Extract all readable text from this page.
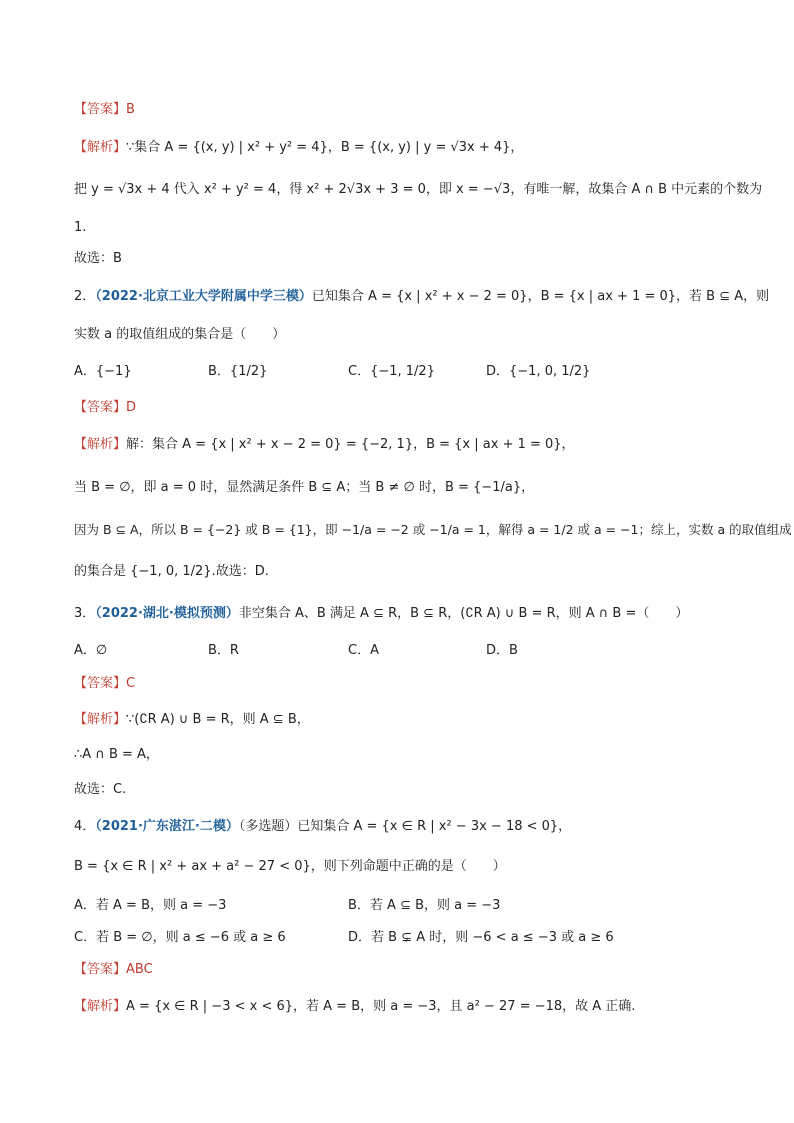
【答案】B
【解析】∵集合 A = {(x, y) | x² + y² = 4}，B = {(x, y) | y = √3x + 4}，
把 y = √3x + 4 代入 x² + y² = 4，得 x² + 2√3x + 3 = 0，即 x = −√3，有唯一解，故集合 A ∩ B 中元素的个数为
1.
故选：B
2．（2022·北京工业大学附属中学三模）已知集合 A = {x | x² + x − 2 = 0}，B = {x | ax + 1 = 0}，若 B ⊆ A，则
实数 a 的取值组成的集合是（　　）
A．{−1}	B．{1/2}	C．{−1, 1/2}	D．{−1, 0, 1/2}
【答案】D
【解析】解：集合 A = {x | x² + x − 2 = 0} = {−2, 1}，B = {x | ax + 1 = 0}，
当 B = ∅，即 a = 0 时，显然满足条件 B ⊆ A；当 B ≠ ∅ 时，B = {−1/a}，
因为 B ⊆ A，所以 B = {−2} 或 B = {1}，即 −1/a = −2 或 −1/a = 1，解得 a = 1/2 或 a = −1；综上，实数 a 的取值组成
的集合是 {−1, 0, 1/2}.故选：D.
3．（2022·湖北·模拟预测）非空集合 A、B 满足 A ⊆ R，B ⊆ R，(∁R A) ∪ B = R，则 A ∩ B =（　　）
A．∅	B．R	C．A	D．B
【答案】C
【解析】∵(∁R A) ∪ B = R，则 A ⊆ B，
∴A ∩ B = A，
故选：C.
4．（2021·广东湛江·二模）（多选题）已知集合 A = {x ∈ R | x² − 3x − 18 < 0}，
B = {x ∈ R | x² + ax + a² − 27 < 0}，则下列命题中正确的是（　　）
A．若 A = B，则 a = −3	B．若 A ⊆ B，则 a = −3
C．若 B = ∅，则 a ≤ −6 或 a ≥ 6	D．若 B ⊊ A 时，则 −6 < a ≤ −3 或 a ≥ 6
【答案】ABC
【解析】A = {x ∈ R | −3 < x < 6}，若 A = B，则 a = −3，且 a² − 27 = −18，故 A 正确.
